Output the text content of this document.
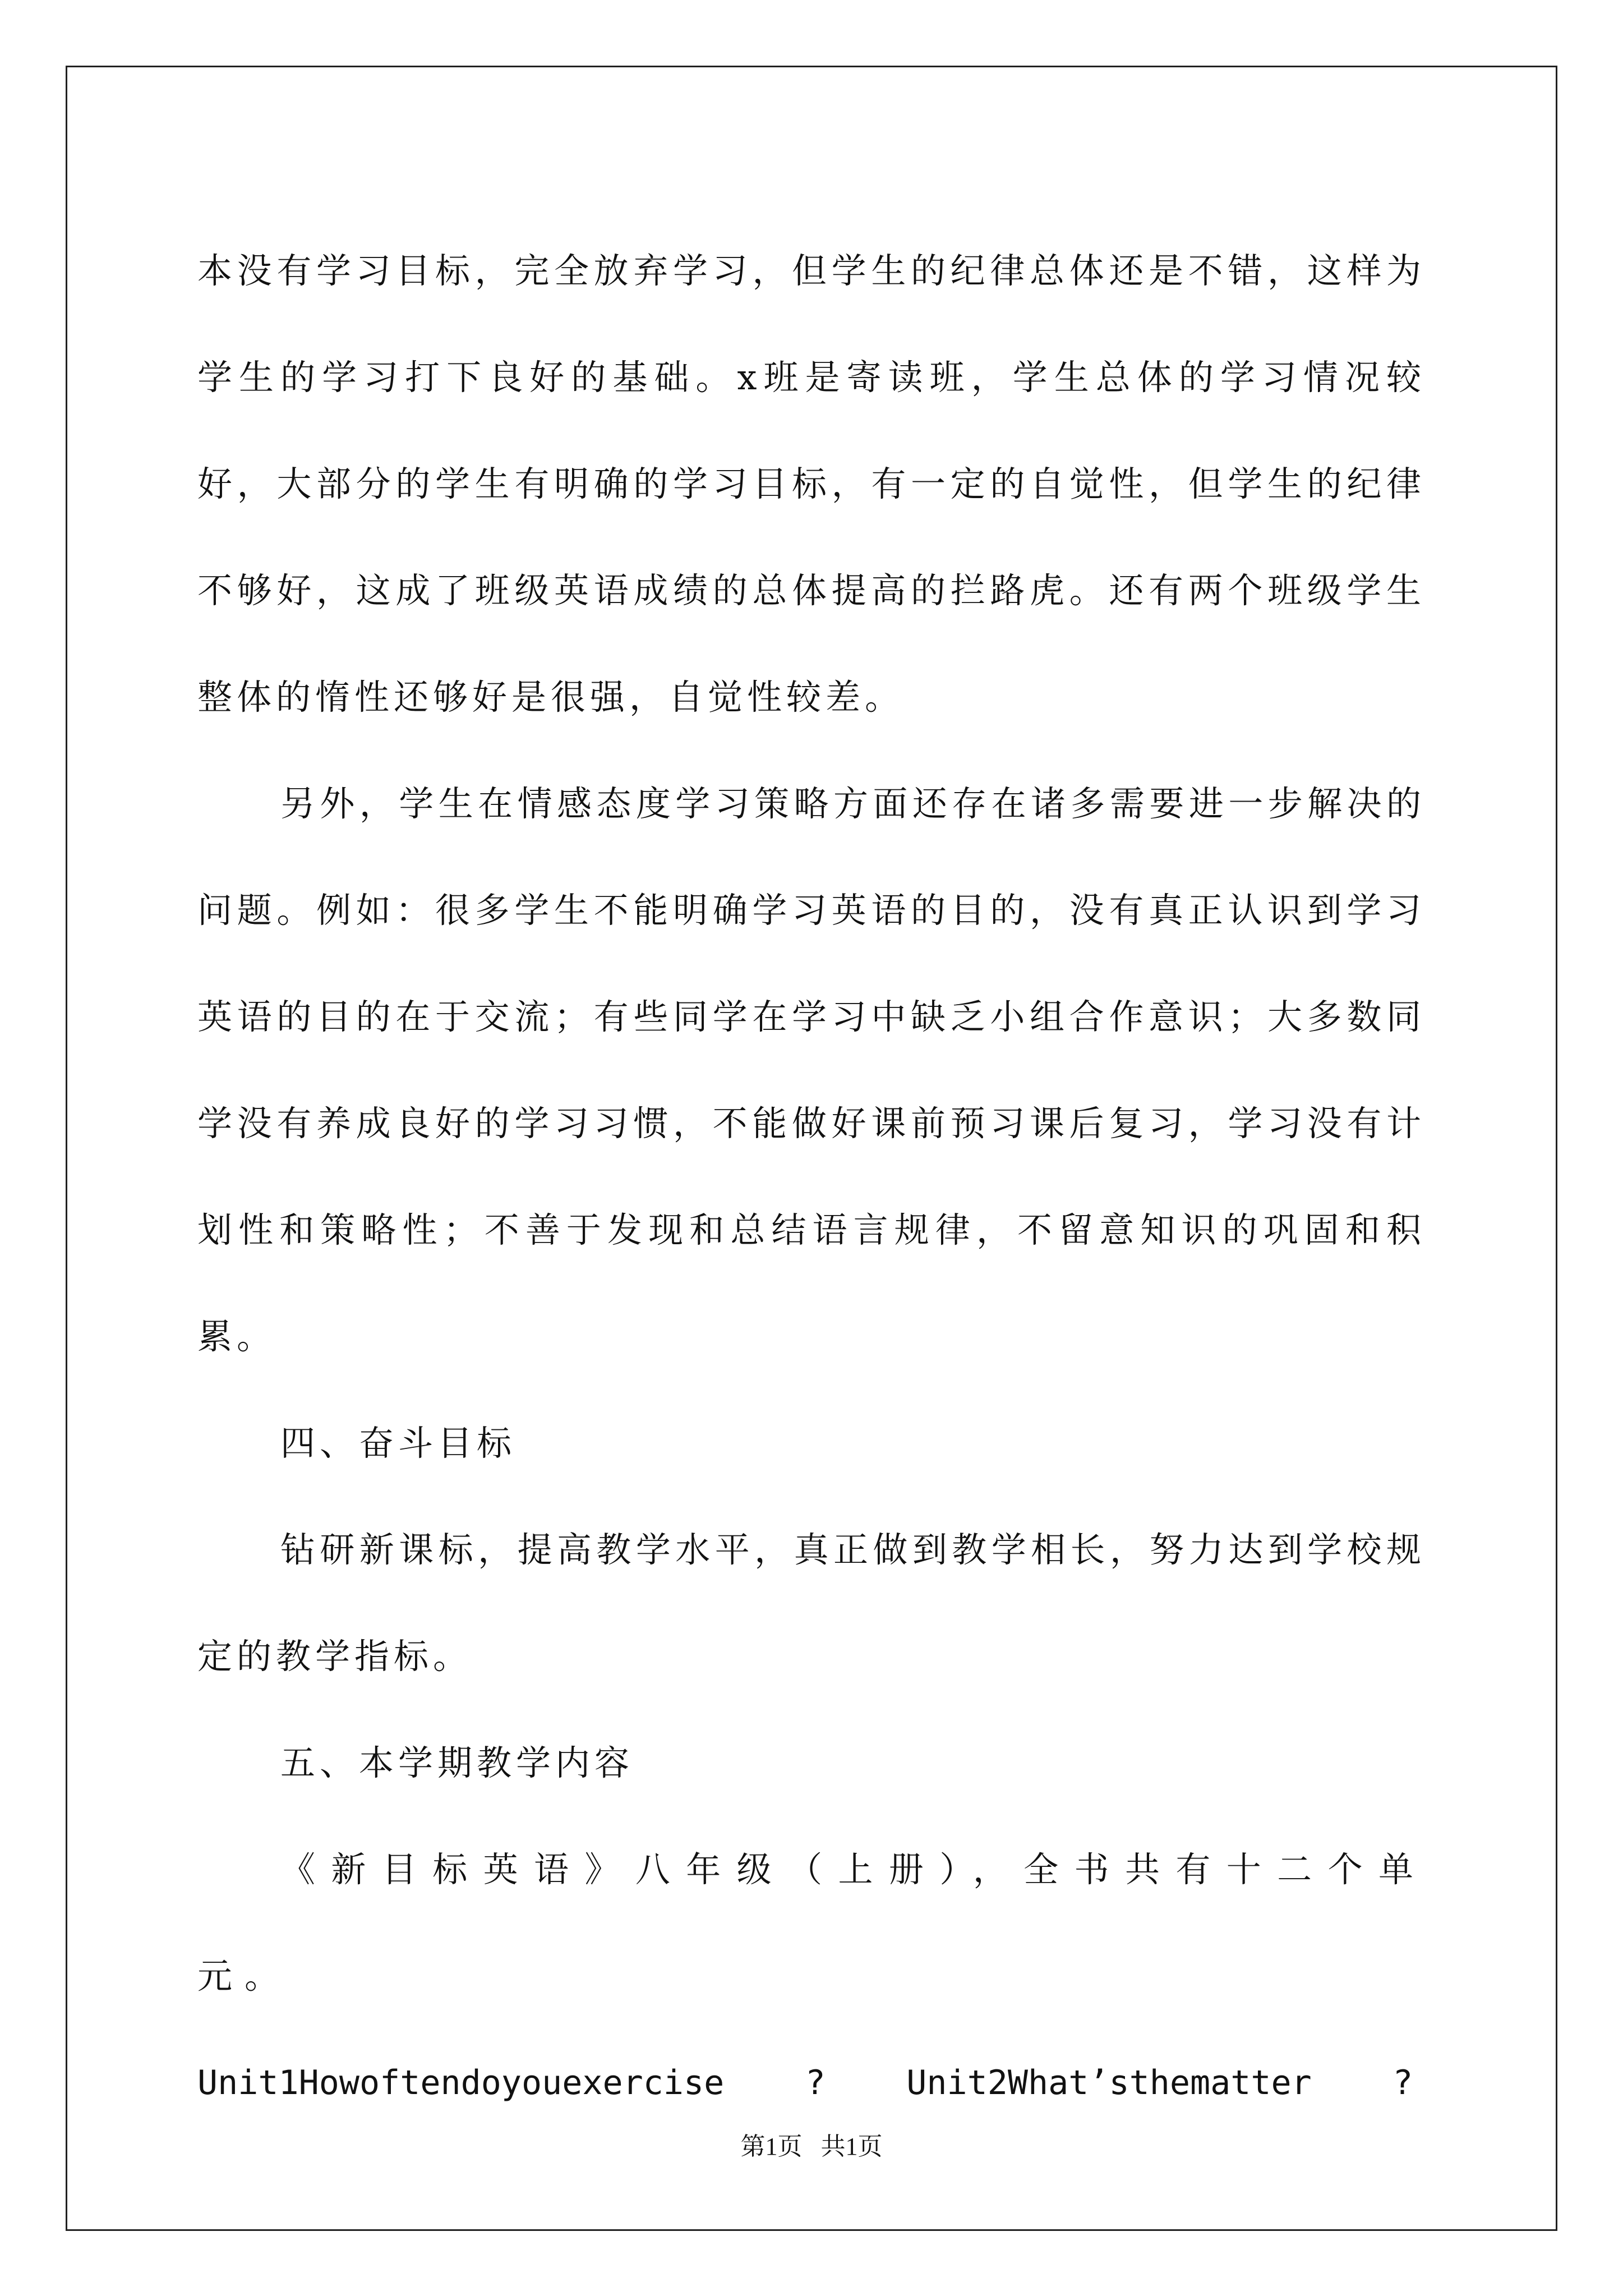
本没有学习目标，完全放弃学习，但学生的纪律总体还是不错，这样为学生的学习打下良好的基础。x班是寄读班，学生总体的学习情况较好，大部分的学生有明确的学习目标，有一定的自觉性，但学生的纪律不够好，这成了班级英语成绩的总体提高的拦路虎。还有两个班级学生整体的惰性还够好是很强，自觉性较差。

另外，学生在情感态度学习策略方面还存在诸多需要进一步解决的问题。例如：很多学生不能明确学习英语的目的，没有真正认识到学习英语的目的在于交流；有些同学在学习中缺乏小组合作意识；大多数同学没有养成良好的学习习惯，不能做好课前预习课后复习，学习没有计划性和策略性；不善于发现和总结语言规律，不留意知识的巩固和积累。

四、奋斗目标

钻研新课标，提高教学水平，真正做到教学相长，努力达到学校规定的教学指标。

五、本学期教学内容

《新目标英语》八年级（上册），全书共有十二个单元。

Unit1Howoftendoyouexercise    ?    Unit2What’sthematter    ?

第1页   共1页
